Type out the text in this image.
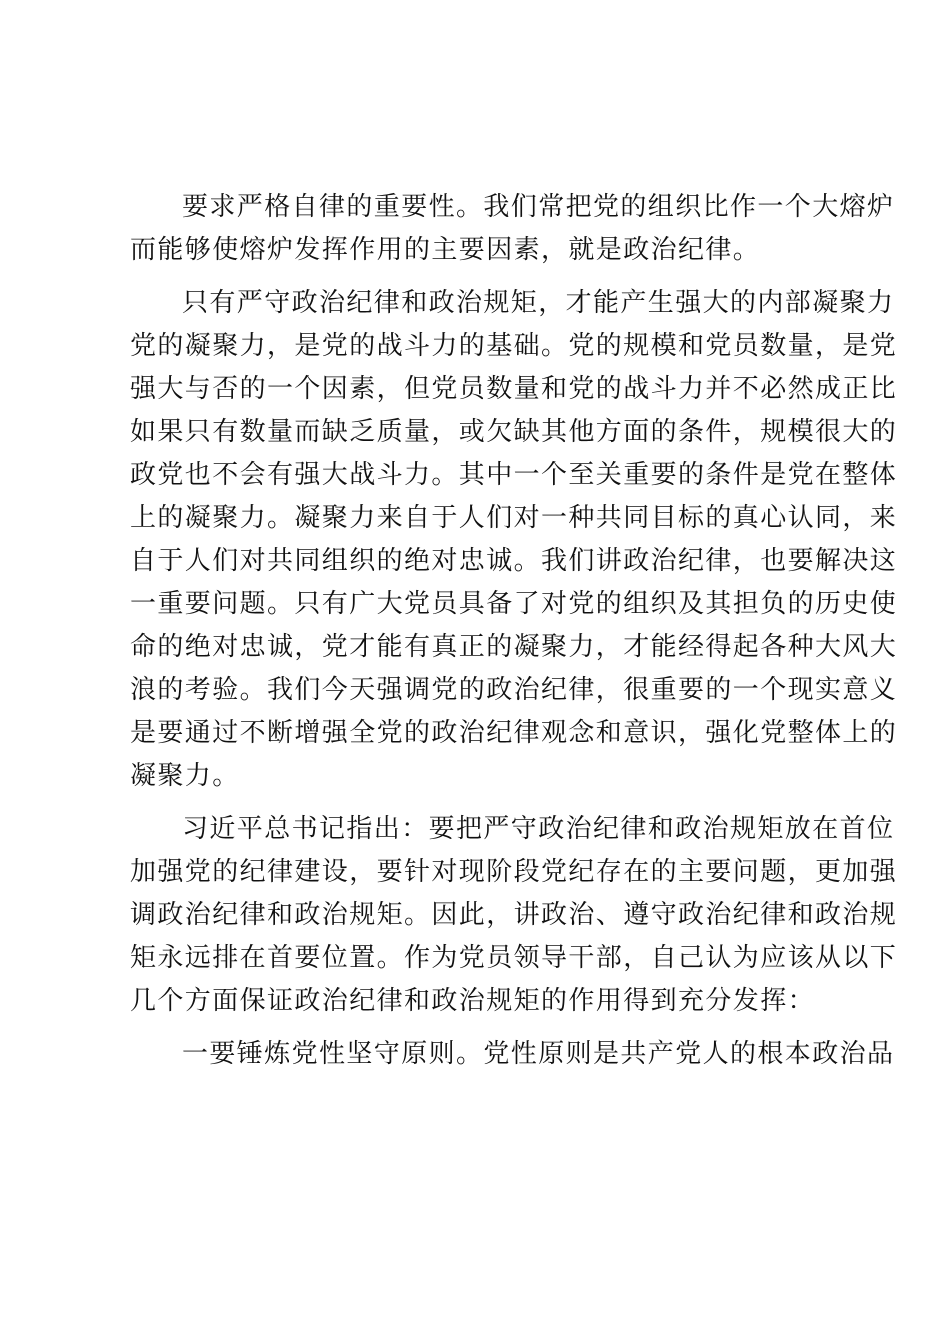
要求严格自律的重要性。我们常把党的组织比作一个大熔炉
而能够使熔炉发挥作用的主要因素，就是政治纪律。
只有严守政治纪律和政治规矩，才能产生强大的内部凝聚力
党的凝聚力，是党的战斗力的基础。党的规模和党员数量，是党
强大与否的一个因素，但党员数量和党的战斗力并不必然成正比
如果只有数量而缺乏质量，或欠缺其他方面的条件，规模很大的
政党也不会有强大战斗力。其中一个至关重要的条件是党在整体
上的凝聚力。凝聚力来自于人们对一种共同目标的真心认同，来
自于人们对共同组织的绝对忠诚。我们讲政治纪律，也要解决这
一重要问题。只有广大党员具备了对党的组织及其担负的历史使
命的绝对忠诚，党才能有真正的凝聚力，才能经得起各种大风大
浪的考验。我们今天强调党的政治纪律，很重要的一个现实意义
是要通过不断增强全党的政治纪律观念和意识，强化党整体上的
凝聚力。
习近平总书记指出：要把严守政治纪律和政治规矩放在首位
加强党的纪律建设，要针对现阶段党纪存在的主要问题，更加强
调政治纪律和政治规矩。因此，讲政治、遵守政治纪律和政治规
矩永远排在首要位置。作为党员领导干部，自己认为应该从以下
几个方面保证政治纪律和政治规矩的作用得到充分发挥：
一要锤炼党性坚守原则。党性原则是共产党人的根本政治品
